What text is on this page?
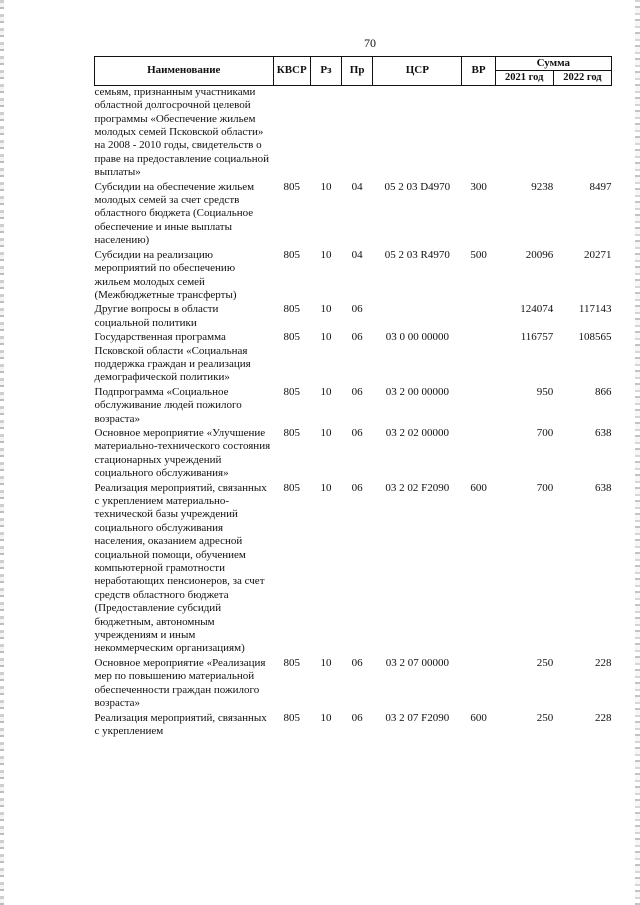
70
Наименование	КВСР	Рз	Пр	ЦСР	ВР	Сумма	
						2021 год	2022 год
семьям, признанным участниками областной долгосрочной целевой программы «Обеспечение жильем молодых семей Псковской области» на 2008 - 2010 годы, свидетельств о праве на предоставление социальной выплаты»							
Субсидии на обеспечение жильем молодых семей за счет средств областного бюджета (Социальное обеспечение и иные выплаты населению)	805	10	04	05 2 03 D4970	300	9238	8497
Субсидии на реализацию мероприятий по обеспечению жильем молодых семей (Межбюджетные трансферты)	805	10	04	05 2 03 R4970	500	20096	20271
Другие вопросы в области социальной политики	805	10	06			124074	117143
Государственная программа Псковской области «Социальная поддержка граждан и реализация демографической политики»	805	10	06	03 0 00 00000		116757	108565
Подпрограмма «Социальное обслуживание людей пожилого возраста»	805	10	06	03 2 00 00000		950	866
Основное мероприятие «Улучшение материально-технического состояния стационарных учреждений социального обслуживания»	805	10	06	03 2 02 00000		700	638
Реализация мероприятий, связанных с укреплением материально-технической базы учреждений социального обслуживания населения, оказанием адресной социальной помощи, обучением компьютерной грамотности неработающих пенсионеров, за счет средств областного бюджета (Предоставление субсидий бюджетным, автономным учреждениям и иным некоммерческим организациям)	805	10	06	03 2 02 F2090	600	700	638
Основное мероприятие «Реализация мер по повышению материальной обеспеченности граждан пожилого возраста»	805	10	06	03 2 07 00000		250	228
Реализация мероприятий, связанных с укреплением	805	10	06	03 2 07 F2090	600	250	228
